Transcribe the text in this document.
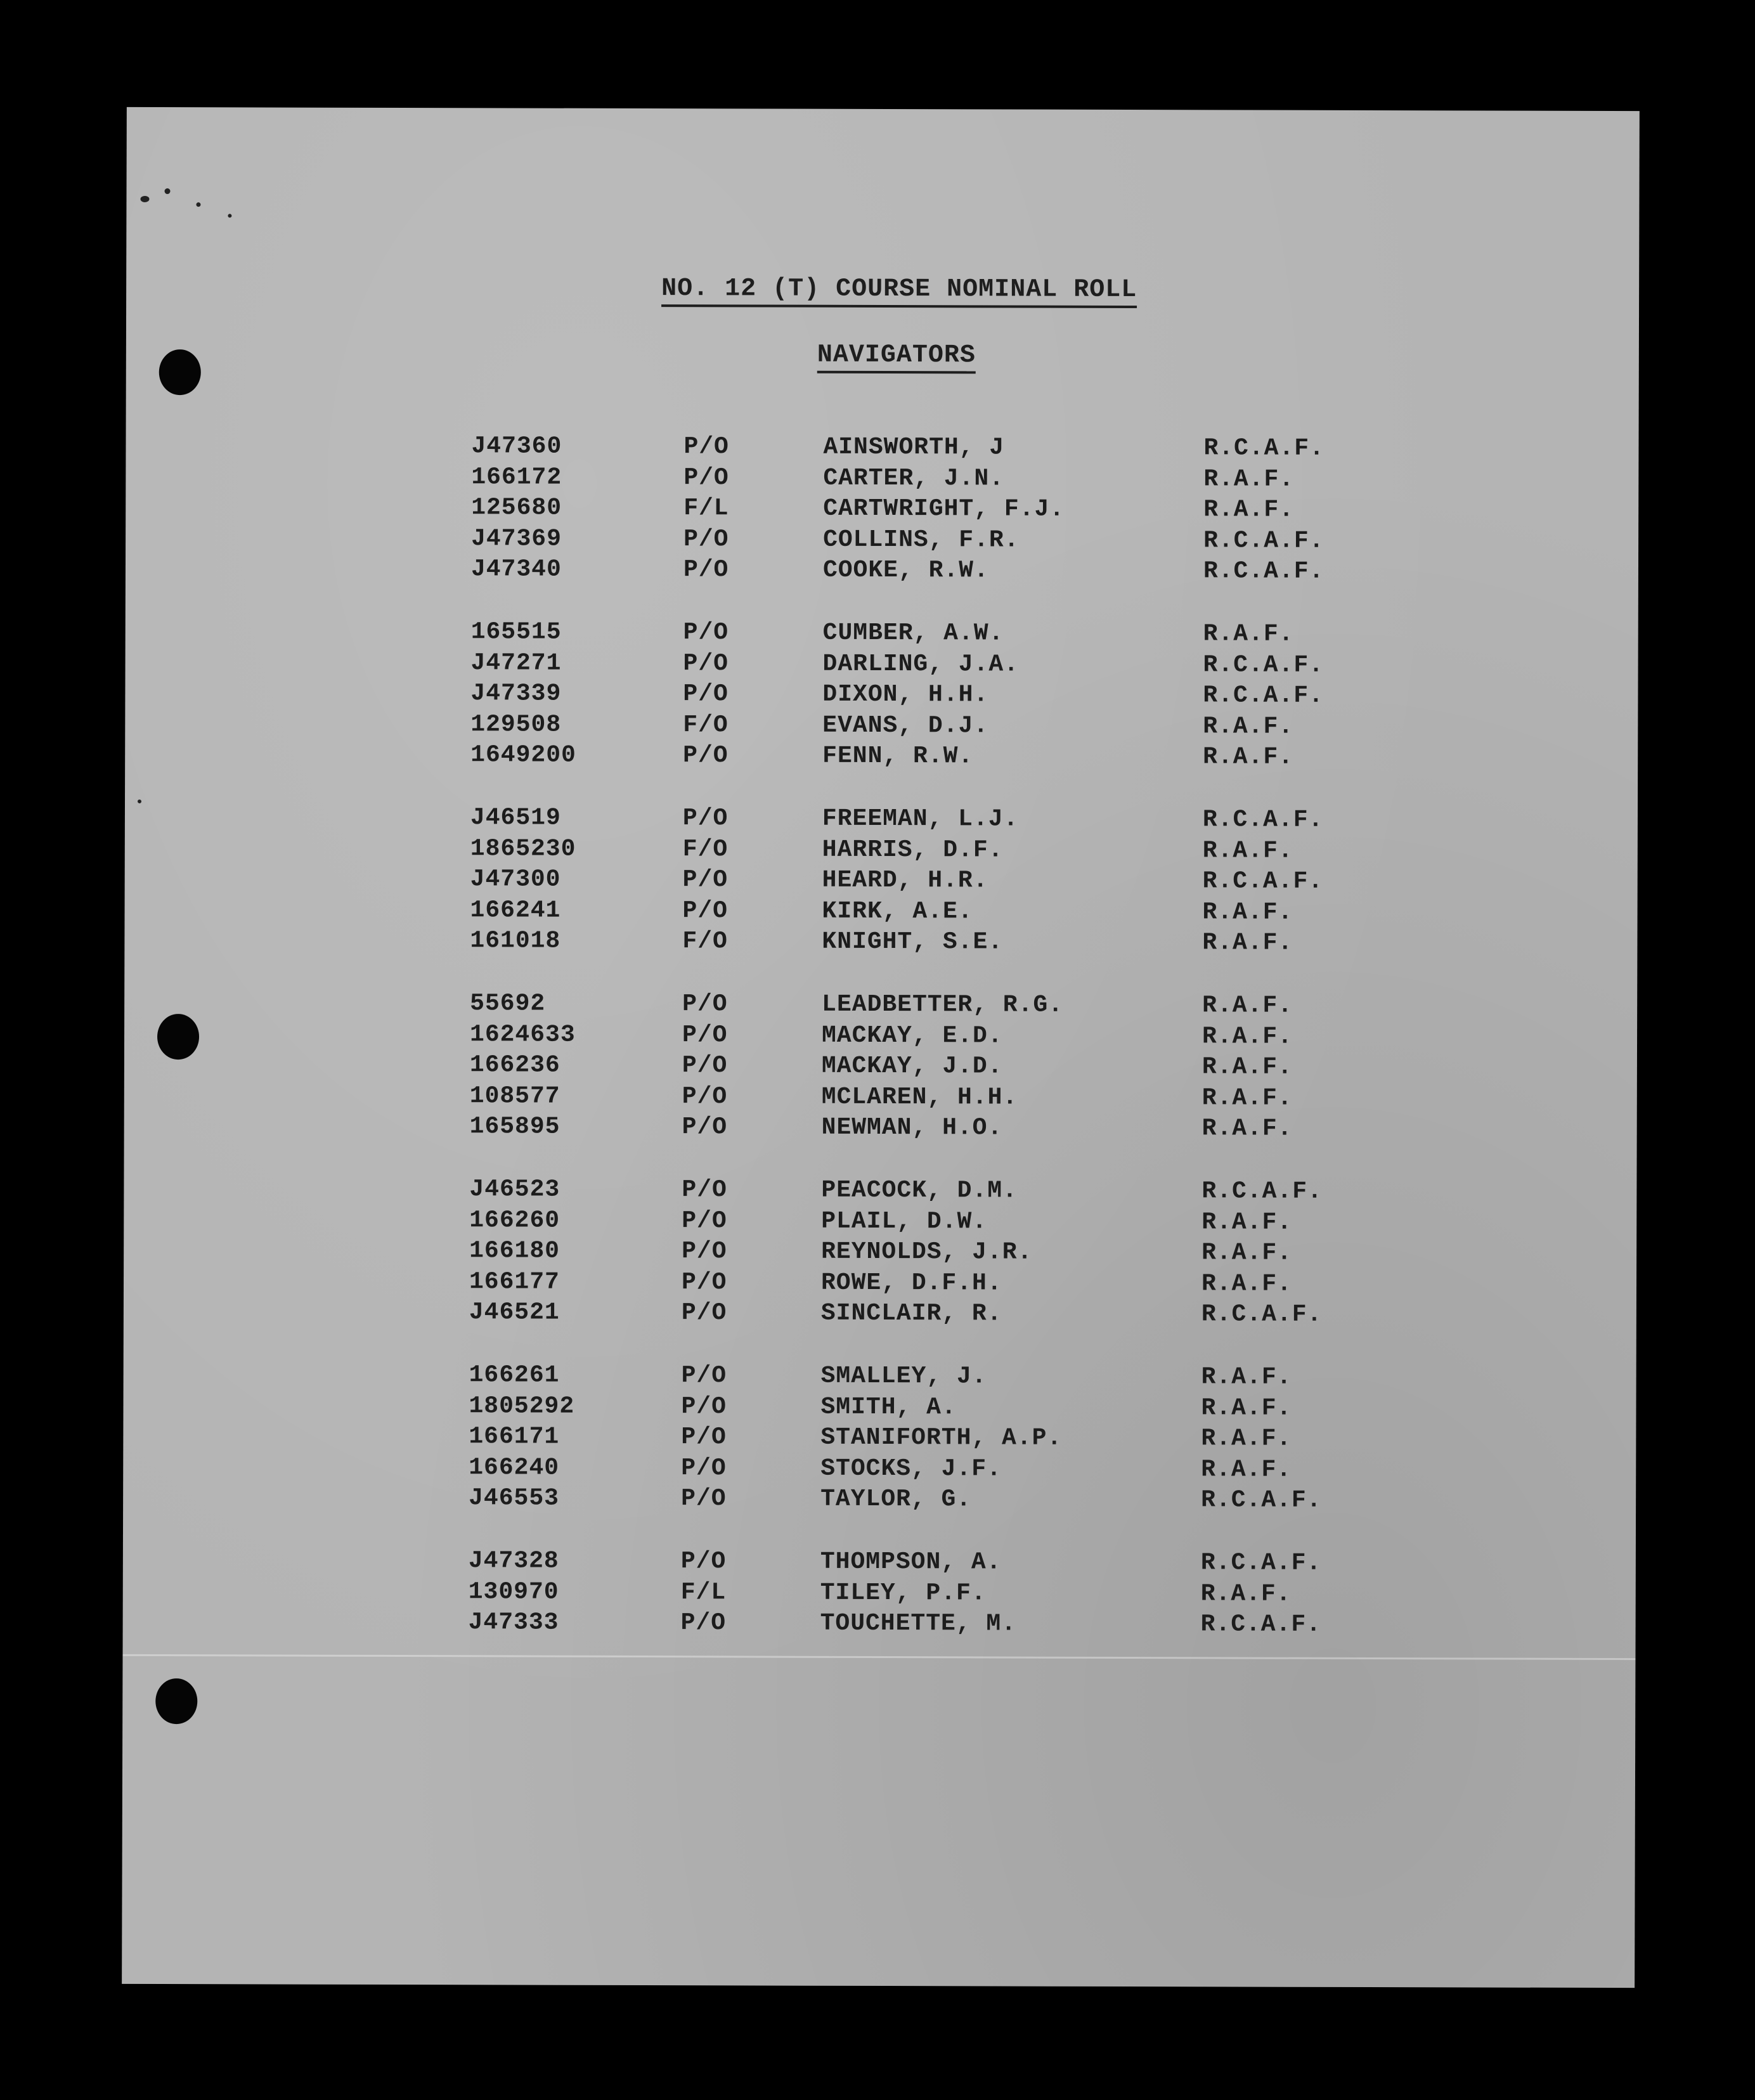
NO. 12 (T) COURSE NOMINAL ROLL
NAVIGATORS
J47360	P/O	AINSWORTH, J	R.C.A.F.
166172	P/O	CARTER, J.N.	R.A.F.
125680	F/L	CARTWRIGHT, F.J.	R.A.F.
J47369	P/O	COLLINS, F.R.	R.C.A.F.
J47340	P/O	COOKE, R.W.	R.C.A.F.
165515	P/O	CUMBER, A.W.	R.A.F.
J47271	P/O	DARLING, J.A.	R.C.A.F.
J47339	P/O	DIXON, H.H.	R.C.A.F.
129508	F/O	EVANS, D.J.	R.A.F.
1649200	P/O	FENN, R.W.	R.A.F.
J46519	P/O	FREEMAN, L.J.	R.C.A.F.
1865230	F/O	HARRIS, D.F.	R.A.F.
J47300	P/O	HEARD, H.R.	R.C.A.F.
166241	P/O	KIRK, A.E.	R.A.F.
161018	F/O	KNIGHT, S.E.	R.A.F.
55692	P/O	LEADBETTER, R.G.	R.A.F.
1624633	P/O	MACKAY, E.D.	R.A.F.
166236	P/O	MACKAY, J.D.	R.A.F.
108577	P/O	MCLAREN, H.H.	R.A.F.
165895	P/O	NEWMAN, H.O.	R.A.F.
J46523	P/O	PEACOCK, D.M.	R.C.A.F.
166260	P/O	PLAIL, D.W.	R.A.F.
166180	P/O	REYNOLDS, J.R.	R.A.F.
166177	P/O	ROWE, D.F.H.	R.A.F.
J46521	P/O	SINCLAIR, R.	R.C.A.F.
166261	P/O	SMALLEY, J.	R.A.F.
1805292	P/O	SMITH, A.	R.A.F.
166171	P/O	STANIFORTH, A.P.	R.A.F.
166240	P/O	STOCKS, J.F.	R.A.F.
J46553	P/O	TAYLOR, G.	R.C.A.F.
J47328	P/O	THOMPSON, A.	R.C.A.F.
130970	F/L	TILEY, P.F.	R.A.F.
J47333	P/O	TOUCHETTE, M.	R.C.A.F.
